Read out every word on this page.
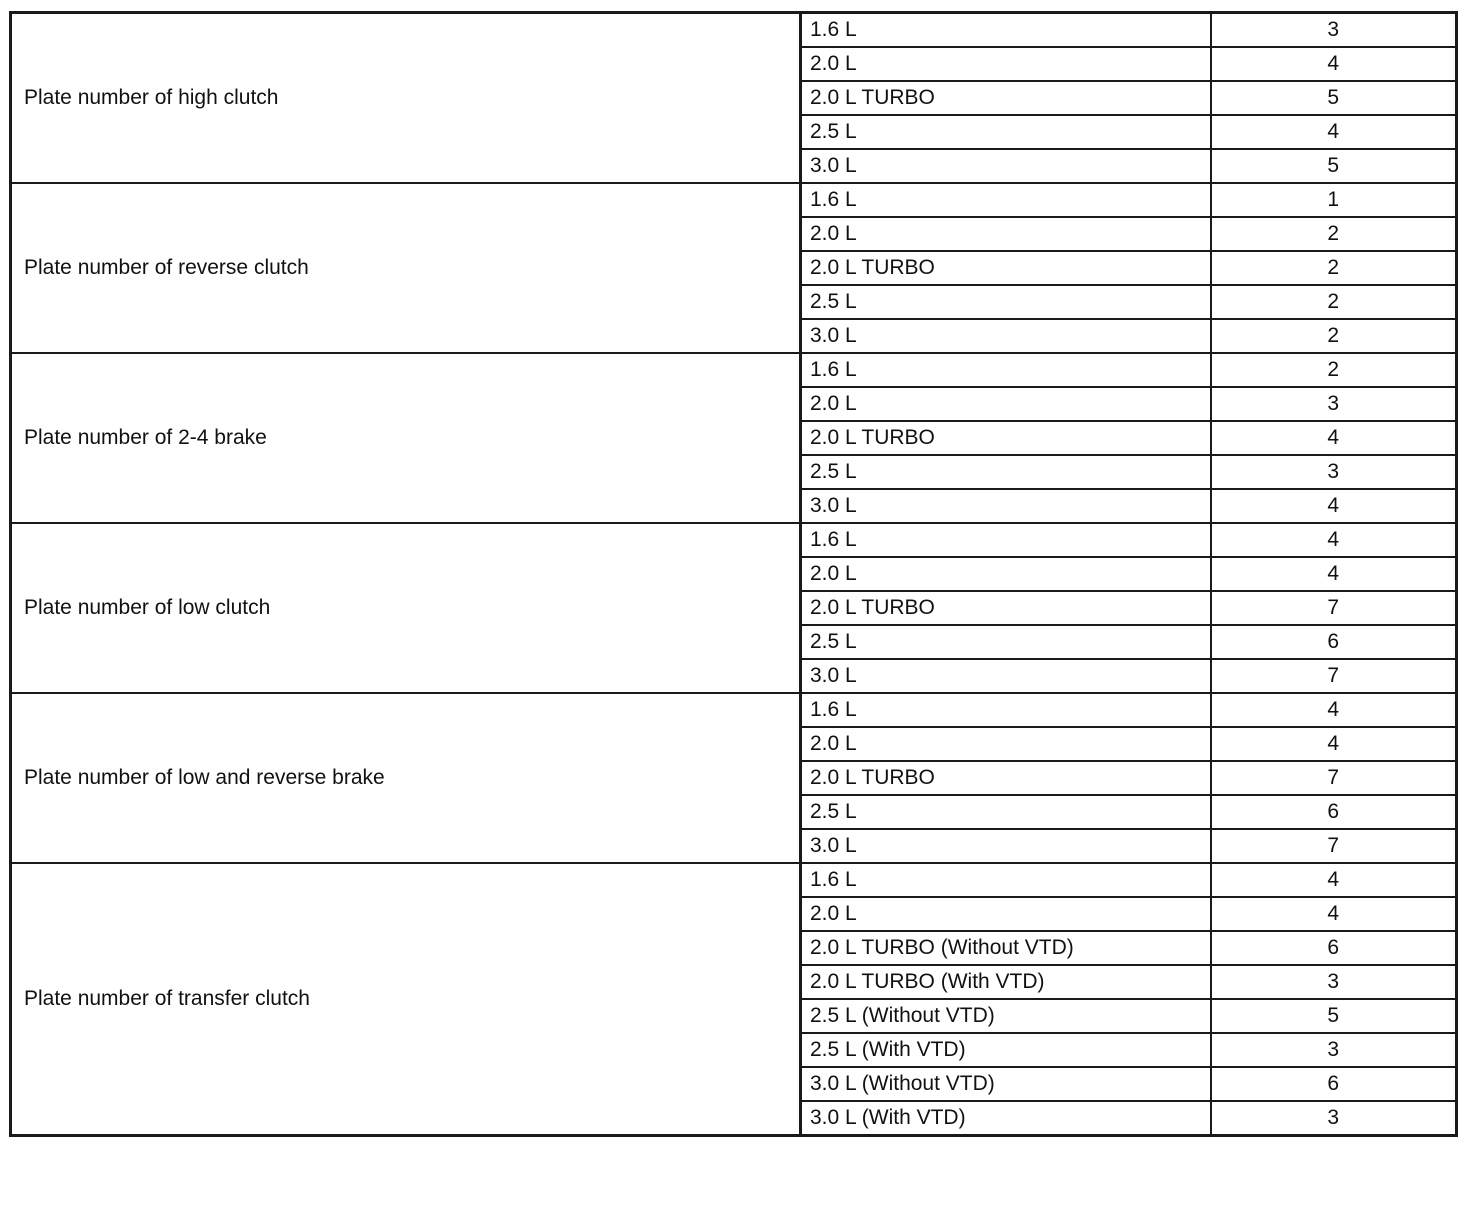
Plate number of high clutch	1.6 L	3
	2.0 L	4
	2.0 L TURBO	5
	2.5 L	4
	3.0 L	5
Plate number of reverse clutch	1.6 L	1
	2.0 L	2
	2.0 L TURBO	2
	2.5 L	2
	3.0 L	2
Plate number of 2-4 brake	1.6 L	2
	2.0 L	3
	2.0 L TURBO	4
	2.5 L	3
	3.0 L	4
Plate number of low clutch	1.6 L	4
	2.0 L	4
	2.0 L TURBO	7
	2.5 L	6
	3.0 L	7
Plate number of low and reverse brake	1.6 L	4
	2.0 L	4
	2.0 L TURBO	7
	2.5 L	6
	3.0 L	7
Plate number of transfer clutch	1.6 L	4
	2.0 L	4
	2.0 L TURBO (Without VTD)	6
	2.0 L TURBO (With VTD)	3
	2.5 L (Without VTD)	5
	2.5 L (With VTD)	3
	3.0 L (Without VTD)	6
	3.0 L (With VTD)	3
